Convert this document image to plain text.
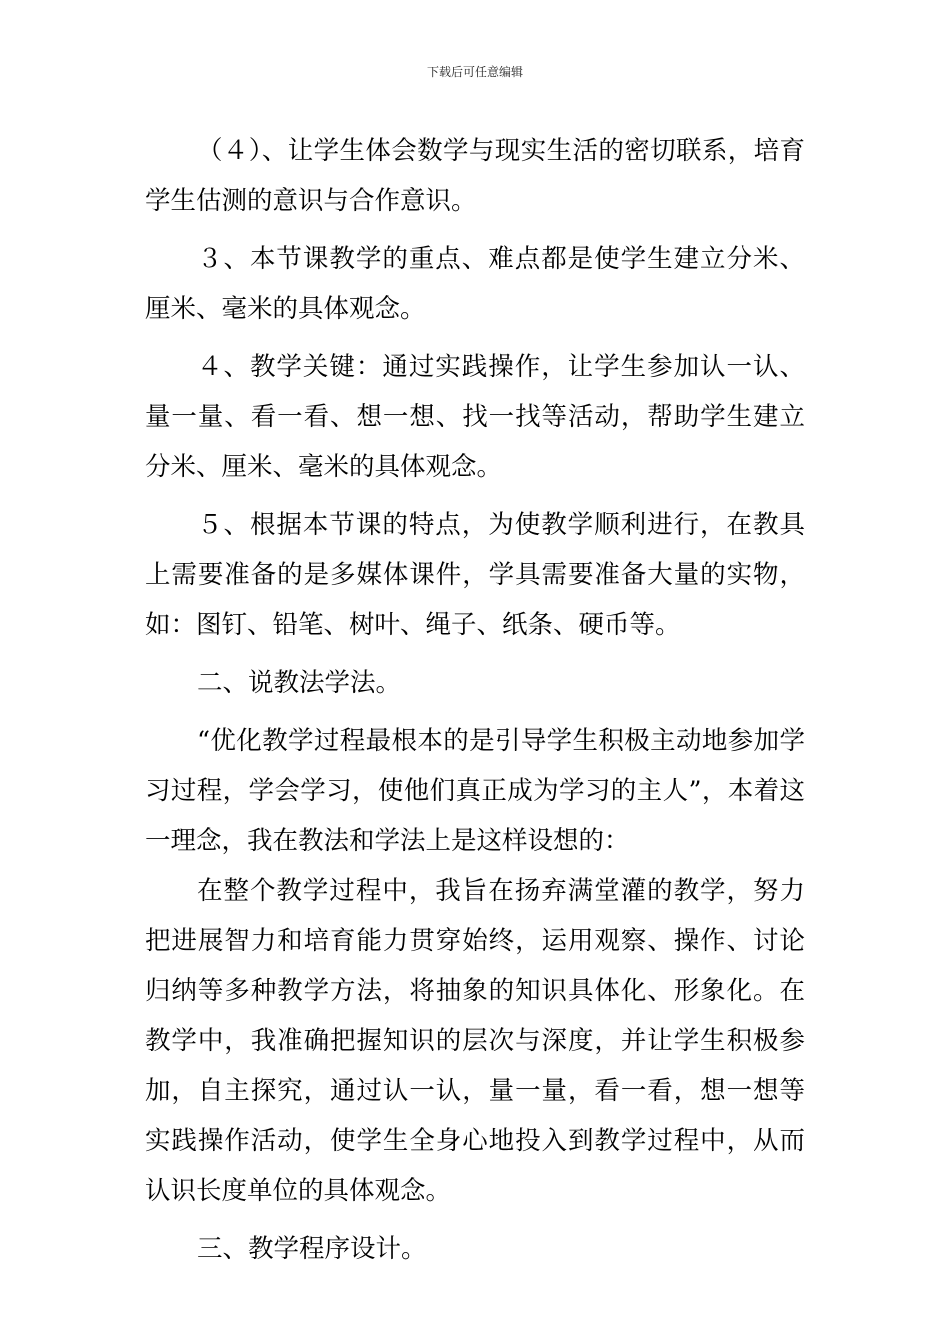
下载后可任意编辑

（４）、让学生体会数学与现实生活的密切联系，培育学生估测的意识与合作意识。

３、本节课教学的重点、难点都是使学生建立分米、厘米、毫米的具体观念。

４、教学关键：通过实践操作，让学生参加认一认、量一量、看一看、想一想、找一找等活动，帮助学生建立分米、厘米、毫米的具体观念。

５、根据本节课的特点，为使教学顺利进行，在教具上需要准备的是多媒体课件，学具需要准备大量的实物，如：图钉、铅笔、树叶、绳子、纸条、硬币等。

二、说教法学法。

“优化教学过程最根本的是引导学生积极主动地参加学习过程，学会学习，使他们真正成为学习的主人”，本着这一理念，我在教法和学法上是这样设想的：

在整个教学过程中，我旨在扬弃满堂灌的教学，努力把进展智力和培育能力贯穿始终，运用观察、操作、讨论归纳等多种教学方法，将抽象的知识具体化、形象化。在教学中，我准确把握知识的层次与深度，并让学生积极参加，自主探究，通过认一认，量一量，看一看，想一想等实践操作活动，使学生全身心地投入到教学过程中，从而认识长度单位的具体观念。

三、教学程序设计。
